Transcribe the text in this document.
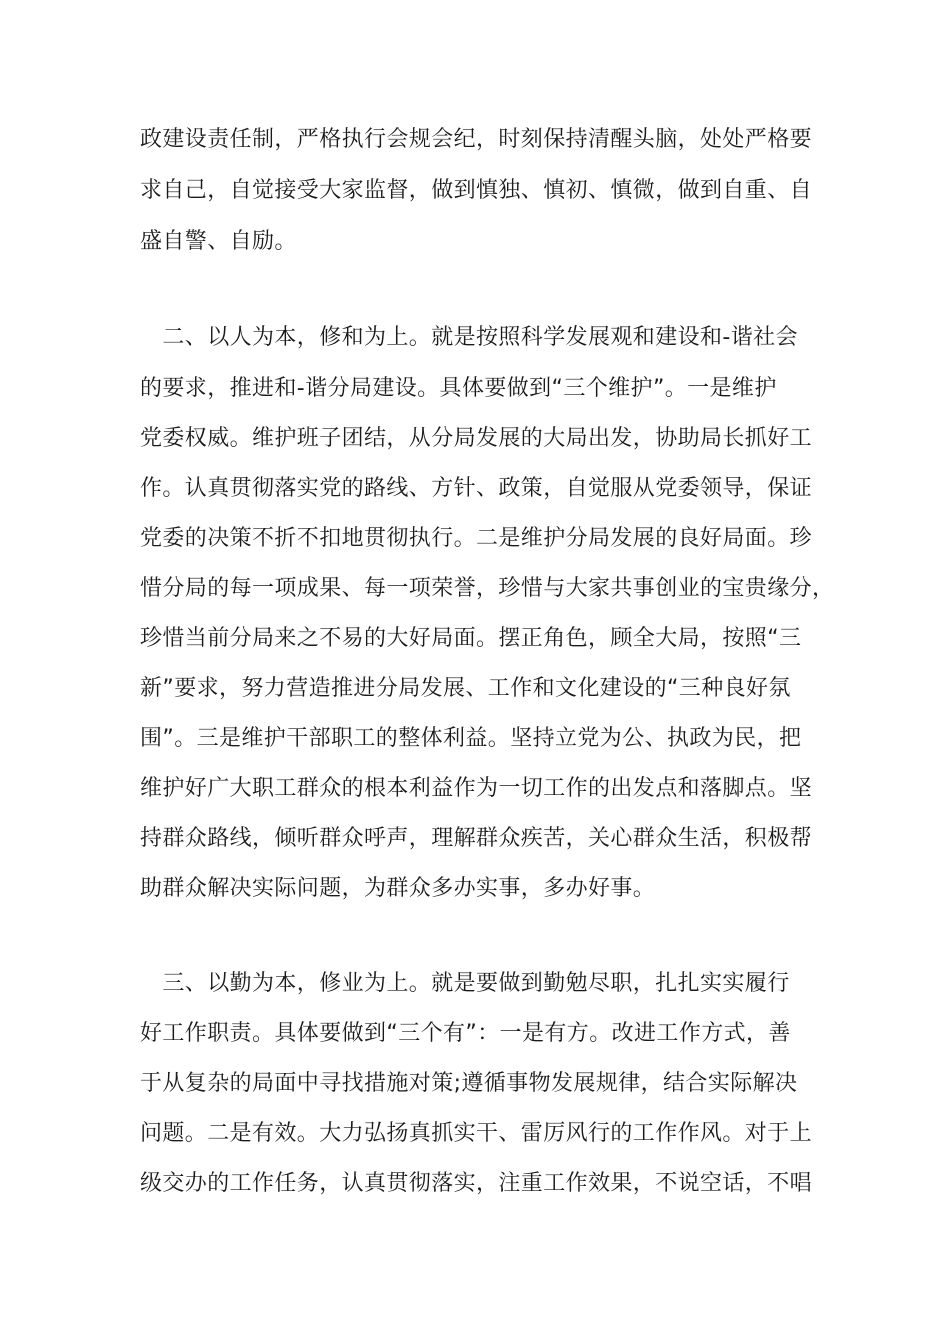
政建设责任制，严格执行会规会纪，时刻保持清醒头脑，处处严格要
求自己，自觉接受大家监督，做到慎独、慎初、慎微，做到自重、自
盛自警、自励。
　二、以人为本，修和为上。就是按照科学发展观和建设和-谐社会
的要求，推进和-谐分局建设。具体要做到“三个维护”。一是维护
党委权威。维护班子团结，从分局发展的大局出发，协助局长抓好工
作。认真贯彻落实党的路线、方针、政策，自觉服从党委领导，保证
党委的决策不折不扣地贯彻执行。二是维护分局发展的良好局面。珍
惜分局的每一项成果、每一项荣誉，珍惜与大家共事创业的宝贵缘分，
珍惜当前分局来之不易的大好局面。摆正角色，顾全大局，按照“三
新”要求，努力营造推进分局发展、工作和文化建设的“三种良好氛
围”。三是维护干部职工的整体利益。坚持立党为公、执政为民，把
维护好广大职工群众的根本利益作为一切工作的出发点和落脚点。坚
持群众路线，倾听群众呼声，理解群众疾苦，关心群众生活，积极帮
助群众解决实际问题，为群众多办实事，多办好事。
　三、以勤为本，修业为上。就是要做到勤勉尽职，扎扎实实履行
好工作职责。具体要做到“三个有”：一是有方。改进工作方式，善
于从复杂的局面中寻找措施对策;遵循事物发展规律，结合实际解决
问题。二是有效。大力弘扬真抓实干、雷厉风行的工作作风。对于上
级交办的工作任务，认真贯彻落实，注重工作效果，不说空话，不唱
